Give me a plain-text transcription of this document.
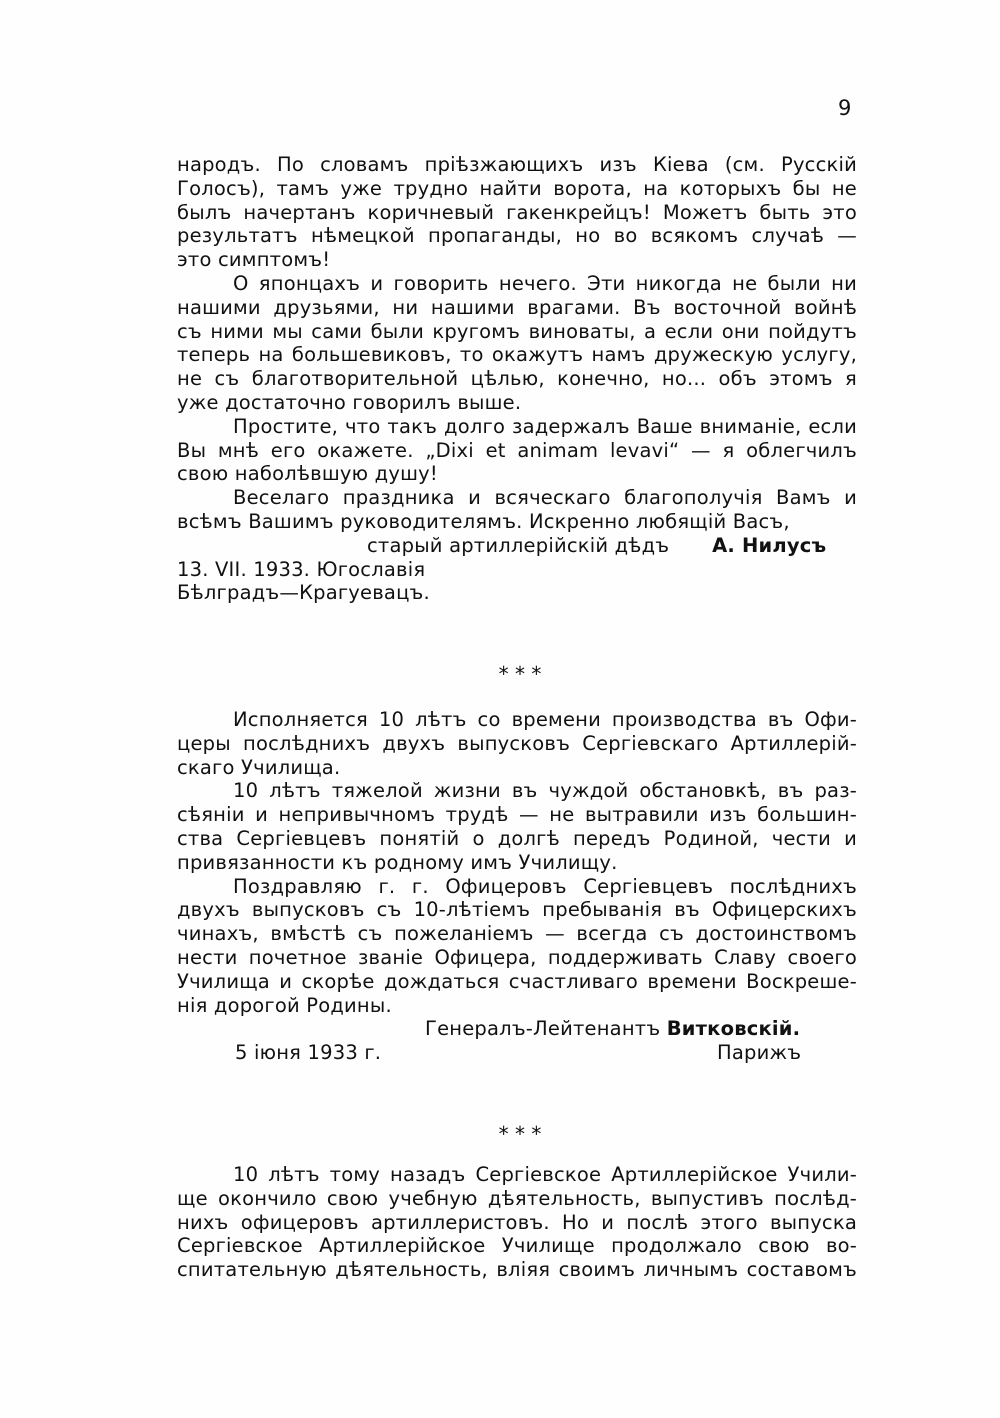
9
народъ. По словамъ пріѣзжающихъ изъ Кіева (см. Русскій
Голосъ), тамъ уже трудно найти ворота, на которыхъ бы не
былъ начертанъ коричневый гакенкрейцъ! Можетъ быть это
результатъ нѣмецкой пропаганды, но во всякомъ случаѣ —
это симптомъ!
О японцахъ и говорить нечего. Эти никогда не были ни
нашими друзьями, ни нашими врагами. Въ восточной войнѣ
съ ними мы сами были кругомъ виноваты, а если они пойдутъ
теперь на большевиковъ, то окажутъ намъ дружескую услугу,
не съ благотворительной цѣлью, конечно, но... объ этомъ я
уже достаточно говорилъ выше.
Простите, что такъ долго задержалъ Ваше вниманіе, если
Вы мнѣ его окажете. „Dixi et animam levavi“ — я облегчилъ
свою наболѣвшую душу!
Веселаго праздника и всяческаго благополучія Вамъ и
всѣмъ Вашимъ руководителямъ. Искренно любящій Васъ,
старый артиллерійскій дѣдъ А. Нилусъ
13. VII. 1933. Югославія
Бѣлградъ—Крагуевацъ.
* * *
Исполняется 10 лѣтъ со времени производства въ Офи-
церы послѣднихъ двухъ выпусковъ Сергіевскаго Артиллерій-
скаго Училища.
10 лѣтъ тяжелой жизни въ чуждой обстановкѣ, въ раз-
сѣяніи и непривычномъ трудѣ — не вытравили изъ большин-
ства Сергіевцевъ понятій о долгѣ передъ Родиной, чести и
привязанности къ родному имъ Училищу.
Поздравляю г. г. Офицеровъ Сергіевцевъ послѣднихъ
двухъ выпусковъ съ 10-лѣтіемъ пребыванія въ Офицерскихъ
чинахъ, вмѣстѣ съ пожеланіемъ — всегда съ достоинствомъ
нести почетное званіе Офицера, поддерживать Славу своего
Училища и скорѣе дождаться счастливаго времени Воскреше-
нія дорогой Родины.
Генералъ-Лейтенантъ Витковскій.
5 іюня 1933 г.	Парижъ
* * *
10 лѣтъ тому назадъ Сергіевское Артиллерійское Учили-
ще окончило свою учебную дѣятельность, выпустивъ послѣд-
нихъ офицеровъ артиллеристовъ. Но и послѣ этого выпуска
Сергіевское Артиллерійское Училище продолжало свою во-
спитательную дѣятельность, вліяя своимъ личнымъ составомъ
